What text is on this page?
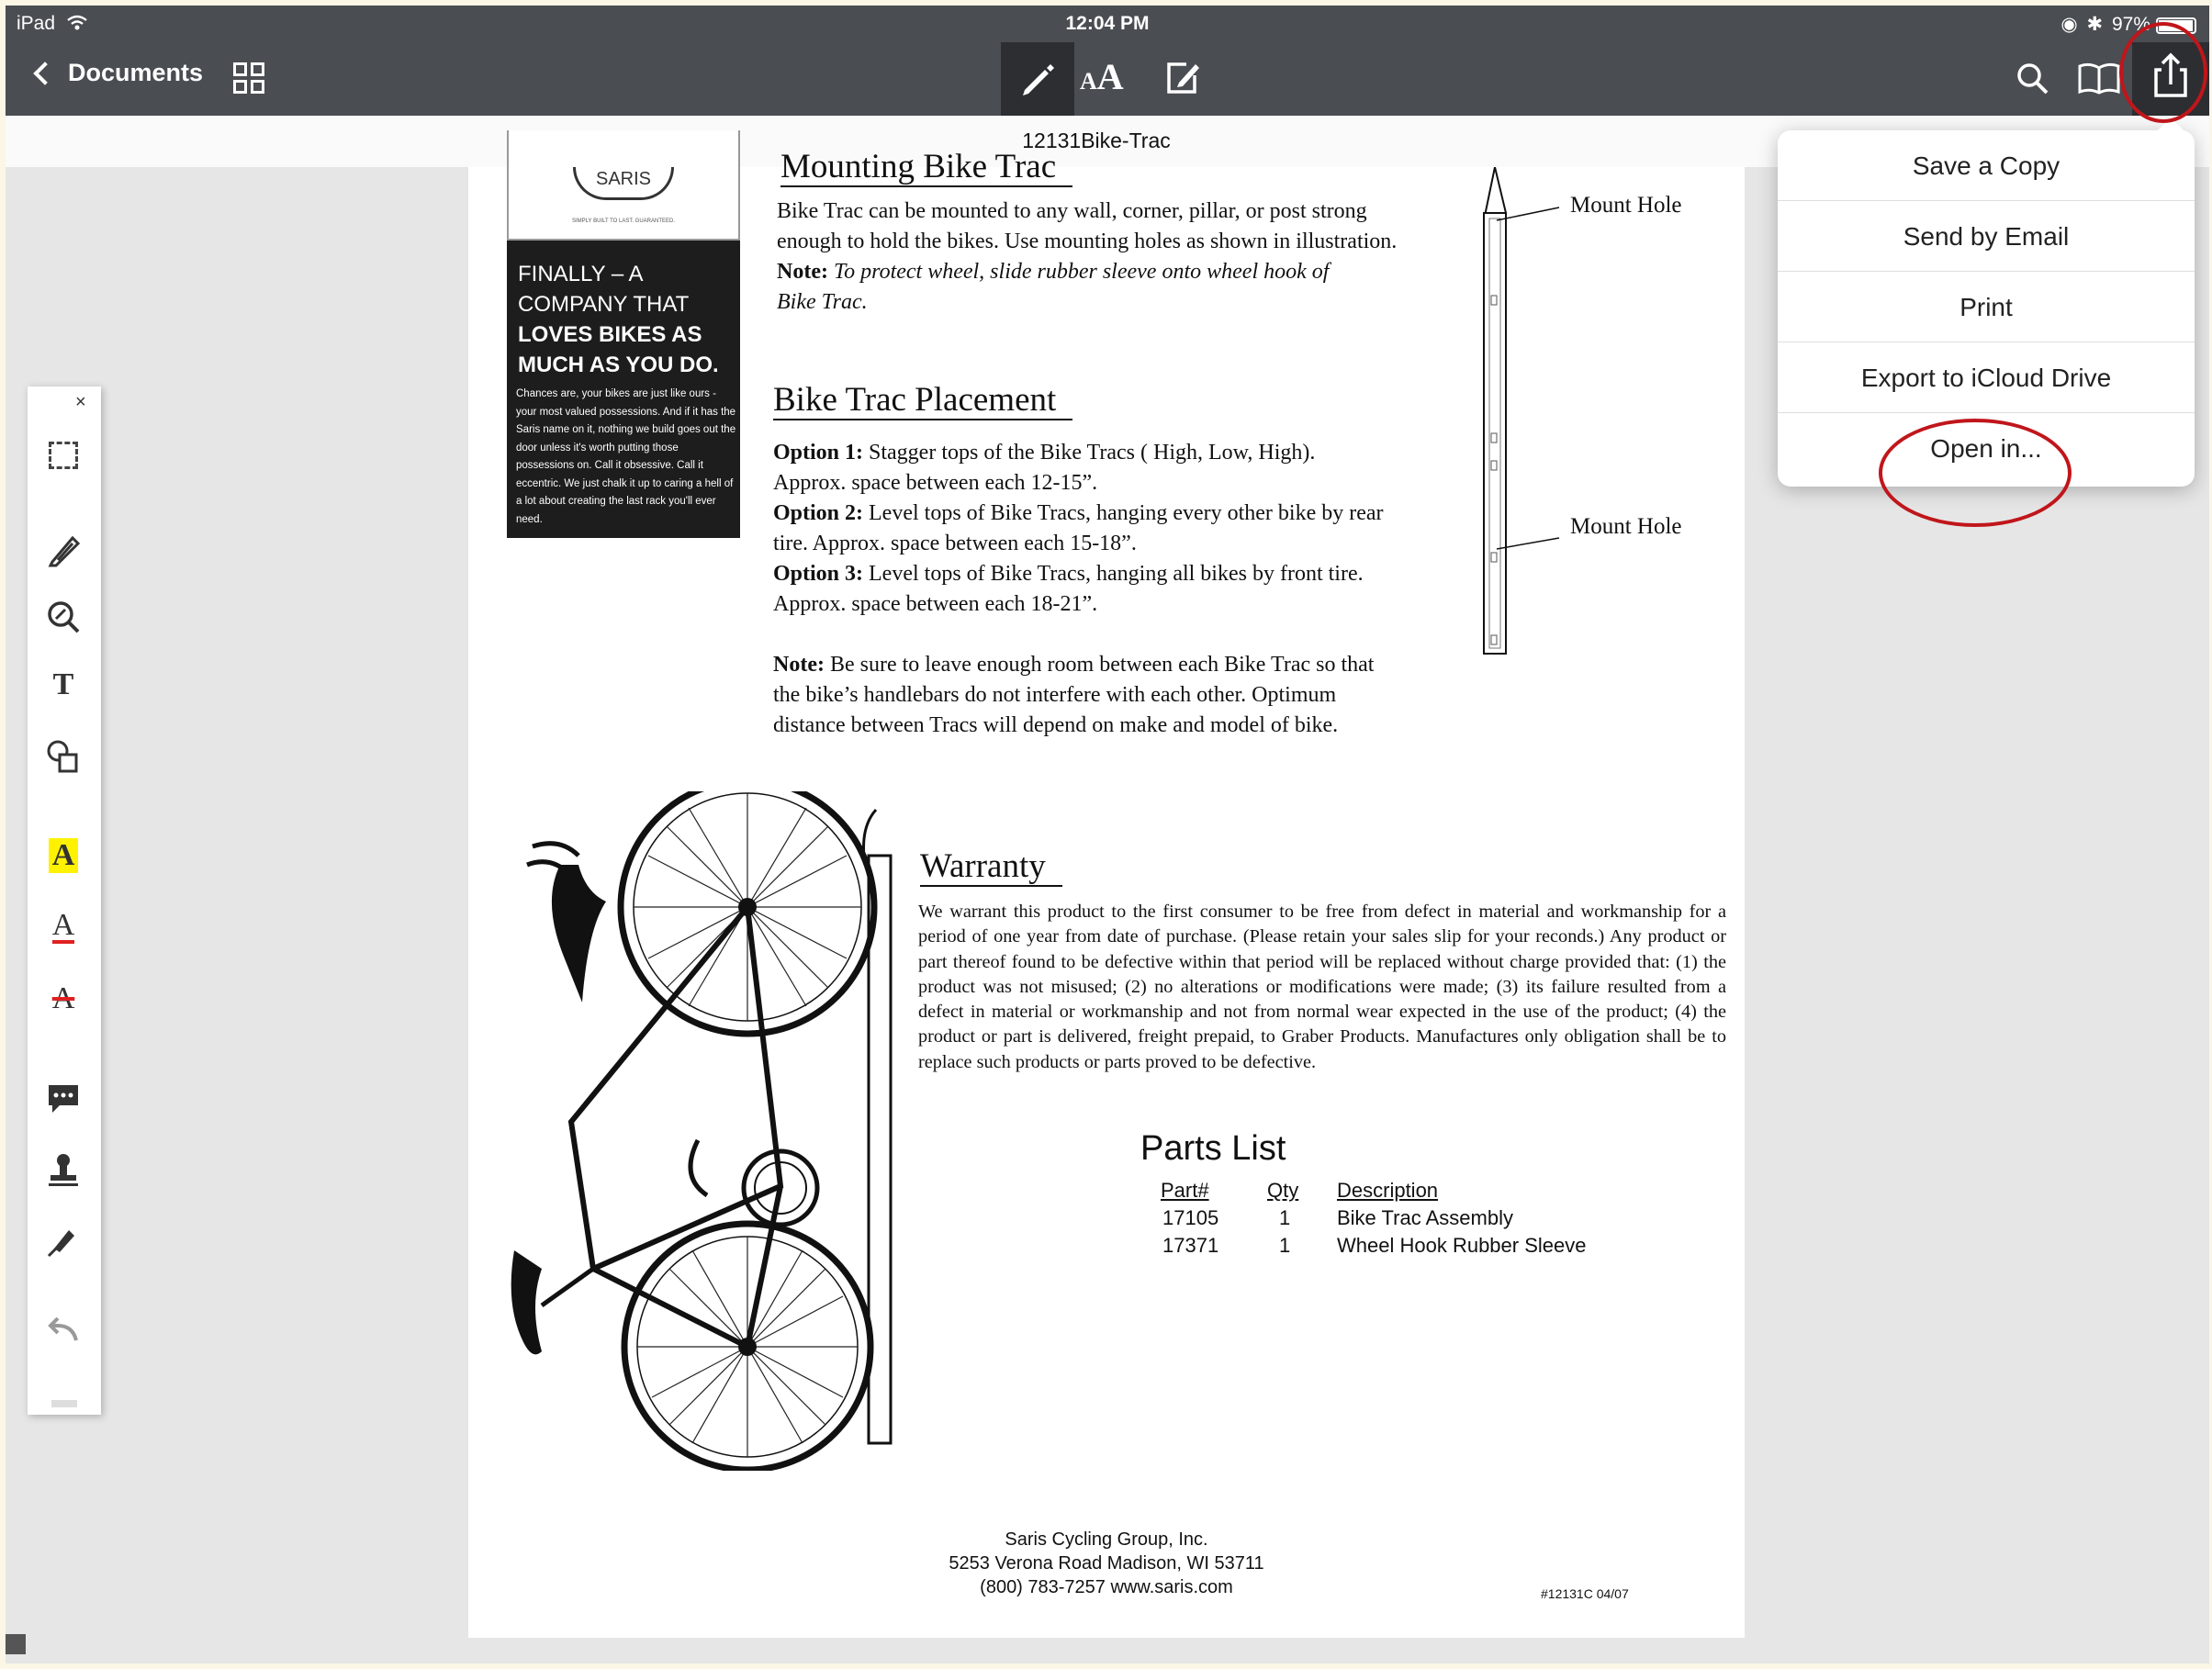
iPad	12:04 PM	◉ ✱ 97%
Documents	AA
12131Bike-Trac
SARIS
SIMPLY BUILT TO LAST. GUARANTEED.
FINALLY – A
COMPANY THAT
LOVES BIKES AS
MUCH AS YOU DO.
Chances are, your bikes are just like ours - your most valued possessions. And if it has the Saris name on it, nothing we build goes out the door unless it's worth putting those possessions on. Call it obsessive. Call it eccentric. We just chalk it up to caring a hell of a lot about creating the last rack you'll ever need.
Mounting Bike Trac
Bike Trac can be mounted to any wall, corner, pillar, or post strong
enough to hold the bikes. Use mounting holes as shown in illustration.
Note: To protect wheel, slide rubber sleeve onto wheel hook of
Bike Trac.
Mount Hole
Mount Hole
Bike Trac Placement
Option 1: Stagger tops of the Bike Tracs ( High, Low, High).
Approx. space between each 12-15”.
Option 2: Level tops of Bike Tracs, hanging every other bike by rear
tire. Approx. space between each 15-18”.
Option 3: Level tops of Bike Tracs, hanging all bikes by front tire.
Approx. space between each 18-21”.
Note: Be sure to leave enough room between each Bike Trac so that
the bike’s handlebars do not interfere with each other. Optimum
distance between Tracs will depend on make and model of bike.
Warranty
We warrant this product to the first consumer to be free from defect in material and workmanship for a period of one year from date of purchase. (Please retain your sales slip for your reconds.) Any product or part thereof found to be defective within that period will be replaced without charge provided that: (1) the product was not misused; (2) no alterations or modifications were made; (3) its failure resulted from a defect in material or workmanship and not from normal wear expected in the use of the product; (4) the product or part is delivered, freight prepaid, to Graber Products. Manufactures only obligation shall be to replace such products or parts proved to be defective.
Parts List
Part#	Qty Description
17105	1 Bike Trac Assembly
17371	1 Wheel Hook Rubber Sleeve
Saris Cycling Group, Inc.
5253 Verona Road Madison, WI 53711
(800) 783-7257 www.saris.com	#12131C 04/07
×
T
A
A
A
Save a Copy
Send by Email
Print
Export to iCloud Drive
Open in...
